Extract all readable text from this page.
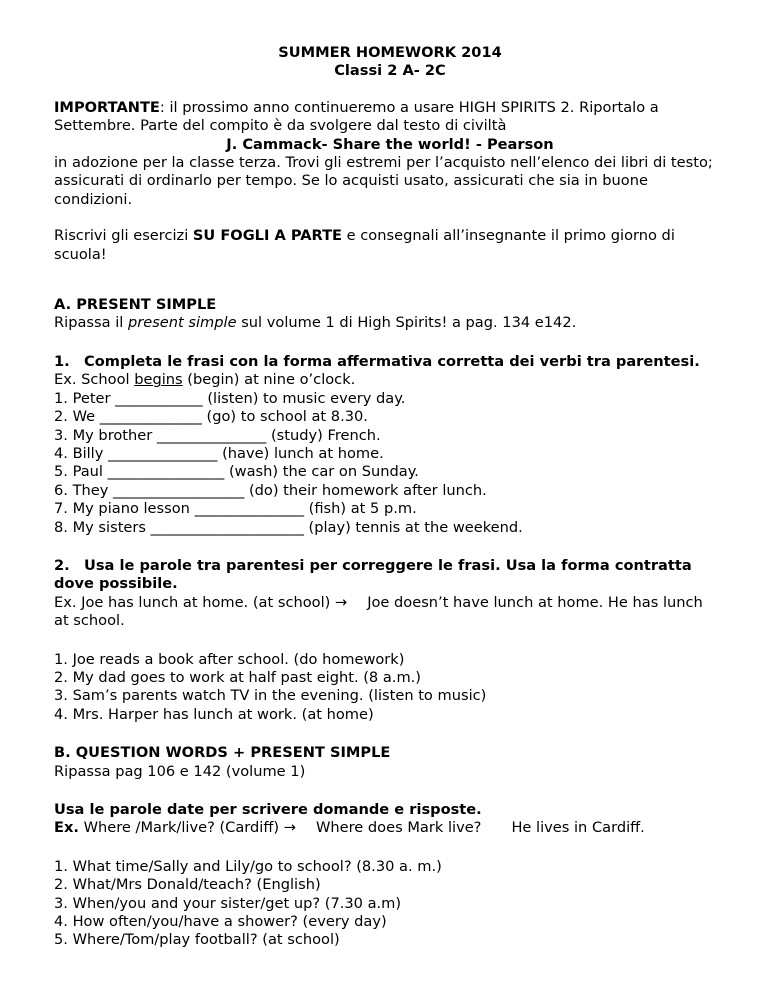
SUMMER HOMEWORK 2014

Classi 2 A- 2C

IMPORTANTE: il prossimo anno continueremo a usare HIGH SPIRITS 2. Riportalo a Settembre. Parte del compito è da svolgere dal testo di civiltà

J. Cammack- Share the world! - Pearson

in adozione per la classe terza. Trovi gli estremi per l’acquisto nell’elenco dei libri di testo; assicurati di ordinarlo per tempo. Se lo acquisti usato, assicurati che sia in buone condizioni.

Riscrivi gli esercizi SU FOGLI A PARTE e consegnali all’insegnante il primo giorno di scuola!

A. PRESENT SIMPLE

Ripassa il present simple sul volume 1 di High Spirits! a pag. 134 e142.

1. Completa le frasi con la forma affermativa corretta dei verbi tra parentesi.

Ex. School begins (begin) at nine o’clock.

1. Peter ____________ (listen) to music every day.

2. We ______________ (go) to school at 8.30.

3. My brother _______________ (study) French.

4. Billy _______________ (have) lunch at home.

5. Paul ________________ (wash) the car on Sunday.

6. They __________________ (do) their homework after lunch.

7. My piano lesson _______________ (fish) at 5 p.m.

8. My sisters _____________________ (play) tennis at the weekend.

2. Usa le parole tra parentesi per correggere le frasi. Usa la forma contratta dove possibile.

Ex. Joe has lunch at home. (at school) → Joe doesn’t have lunch at home. He has lunch

at school.

1. Joe reads a book after school. (do homework)

2. My dad goes to work at half past eight. (8 a.m.)

3. Sam’s parents watch TV in the evening. (listen to music)

4. Mrs. Harper has lunch at work. (at home)

B. QUESTION WORDS + PRESENT SIMPLE

Ripassa pag 106 e 142 (volume 1)

Usa le parole date per scrivere domande e risposte.

Ex. Where /Mark/live? (Cardiff) → Where does Mark live? He lives in Cardiff.

1. What time/Sally and Lily/go to school? (8.30 a. m.)

2. What/Mrs Donald/teach? (English)

3. When/you and your sister/get up? (7.30 a.m)

4. How often/you/have a shower? (every day)

5. Where/Tom/play football? (at school)
